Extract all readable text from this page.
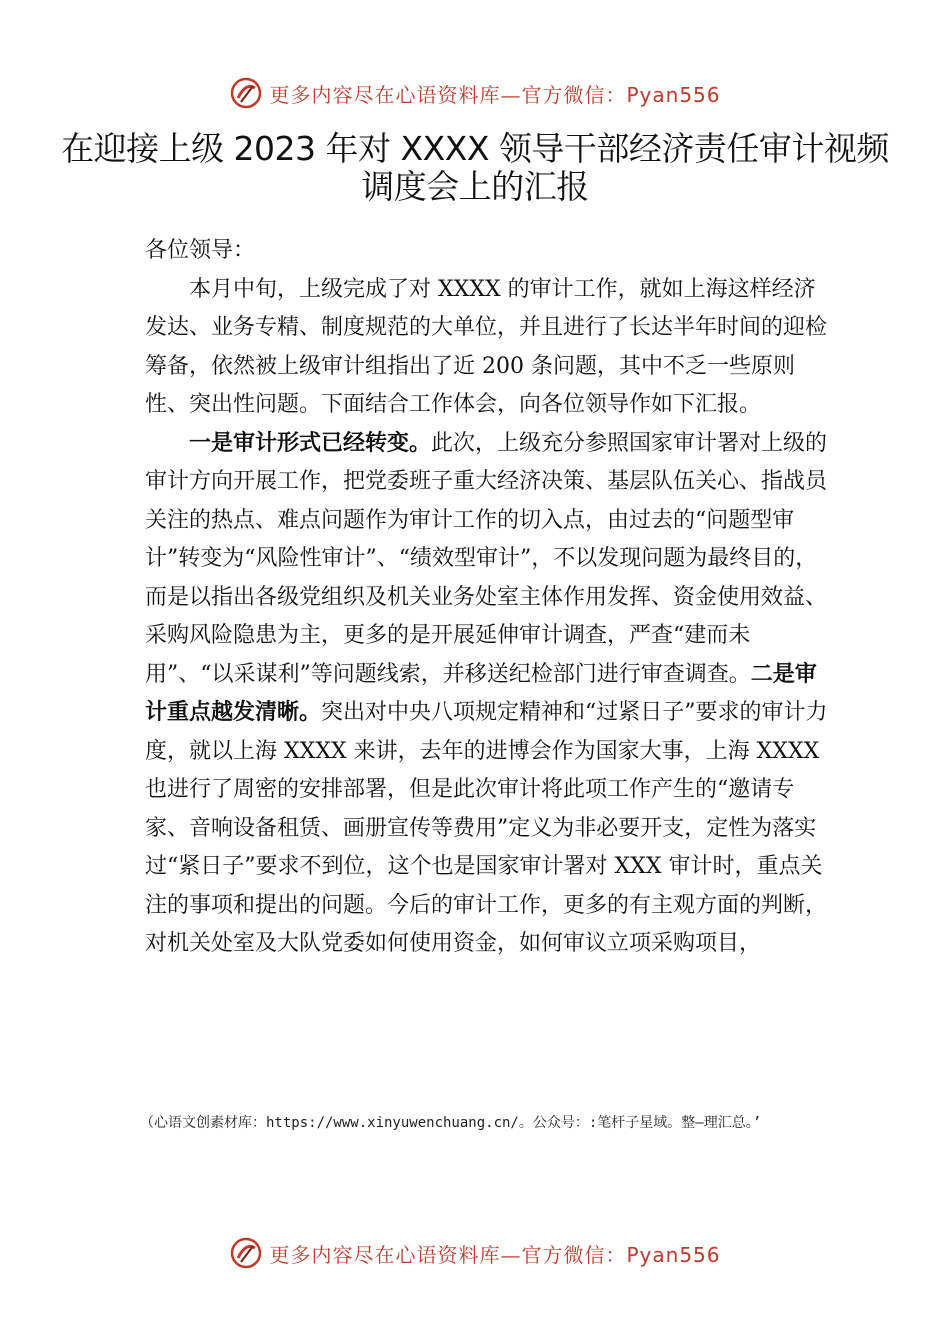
更多内容尽在心语资料库—官方微信：Pyan556
在迎接上级 2023 年对 XXXX 领导干部经济责任审计视频调度会上的汇报

各位领导：

本月中旬，上级完成了对 XXXX 的审计工作，就如上海这样经济发达、业务专精、制度规范的大单位，并且进行了长达半年时间的迎检筹备，依然被上级审计组指出了近 200 条问题，其中不乏一些原则性、突出性问题。下面结合工作体会，向各位领导作如下汇报。

一是审计形式已经转变。此次，上级充分参照国家审计署对上级的审计方向开展工作，把党委班子重大经济决策、基层队伍关心、指战员关注的热点、难点问题作为审计工作的切入点，由过去的“问题型审计”转变为“风险性审计”、“绩效型审计”，不以发现问题为最终目的，而是以指出各级党组织及机关业务处室主体作用发挥、资金使用效益、采购风险隐患为主，更多的是开展延伸审计调查，严查“建而未用”、“以采谋利”等问题线索，并移送纪检部门进行审查调查。二是审计重点越发清晰。突出对中央八项规定精神和“过紧日子”要求的审计力度，就以上海 XXXX 来讲，去年的进博会作为国家大事，上海 XXXX 也进行了周密的安排部署，但是此次审计将此项工作产生的“邀请专家、音响设备租赁、画册宣传等费用”定义为非必要开支，定性为落实过“紧日子”要求不到位，这个也是国家审计署对 XXX 审计时，重点关注的事项和提出的问题。今后的审计工作，更多的有主观方面的判断，对机关处室及大队党委如何使用资金，如何审议立项采购项目，

（心语文创素材库：https://www.xinyuwenchuang.cn/。公众号：:笔杆子星域。整—理汇总。’
更多内容尽在心语资料库—官方微信：Pyan556
